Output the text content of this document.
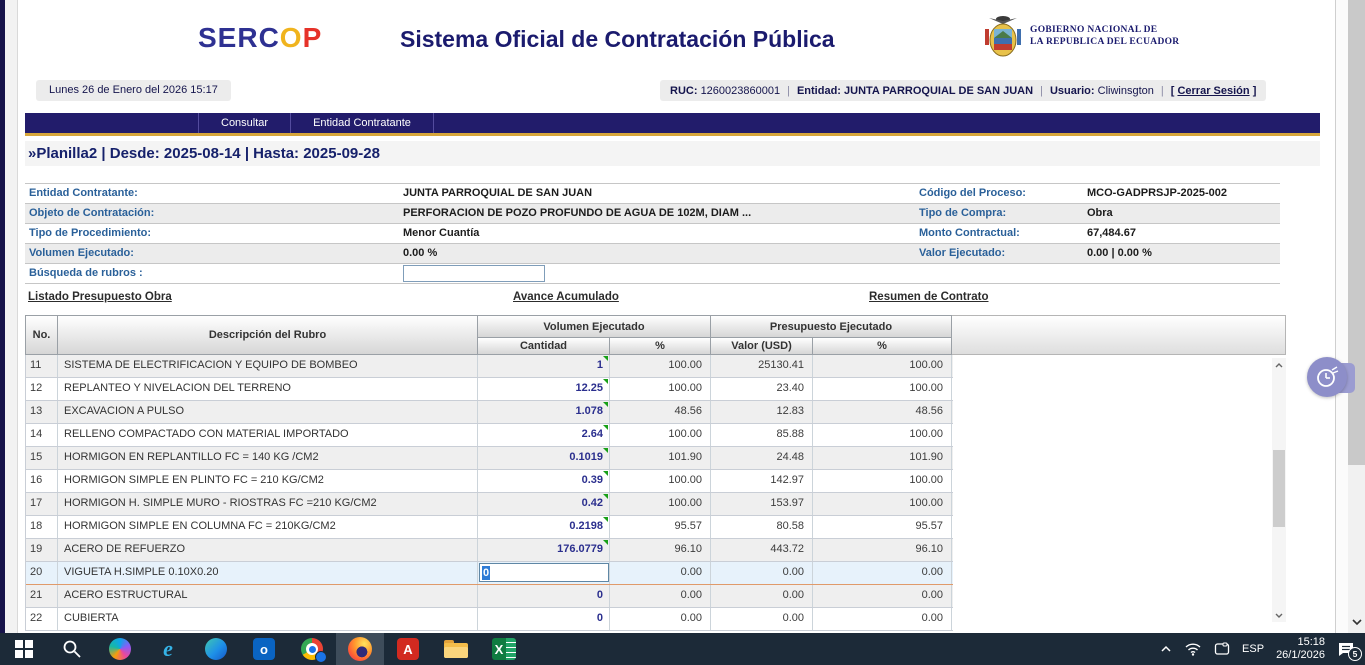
SERCOP	Sistema Oficial de Contratación Pública	GOBIERNO NACIONAL DE
LA REPUBLICA DEL ECUADOR
Lunes 26 de Enero del 2026 15:17	RUC: 1260023860001 | Entidad: JUNTA PARROQUIAL DE SAN JUAN | Usuario: Cliwinsgton | [ Cerrar Sesión ]
Consultar	Entidad Contratante
»Planilla2 | Desde: 2025-08-14 | Hasta: 2025-09-28
Entidad Contratante:	JUNTA PARROQUIAL DE SAN JUAN	Código del Proceso:	MCO-GADPRSJP-2025-002
Objeto de Contratación:	PERFORACION DE POZO PROFUNDO DE AGUA DE 102M, DIAM ...	Tipo de Compra:	Obra
Tipo de Procedimiento:	Menor Cuantía	Monto Contractual:	67,484.67
Volumen Ejecutado:	0.00 %	Valor Ejecutado:	0.00 | 0.00 %
Búsqueda de rubros :
Listado Presupuesto Obra	Avance Acumulado	Resumen de Contrato
No.	Descripción del Rubro
Volumen Ejecutado	Presupuesto Ejecutado
Cantidad	%	Valor (USD)	%
11	SISTEMA DE ELECTRIFICACION Y EQUIPO DE BOMBEO	1	100.00	25130.41	100.00
12	REPLANTEO Y NIVELACION DEL TERRENO	12.25	100.00	23.40	100.00
13	EXCAVACION A PULSO	1.078	48.56	12.83	48.56
14	RELLENO COMPACTADO CON MATERIAL IMPORTADO	2.64	100.00	85.88	100.00
15	HORMIGON EN REPLANTILLO FC = 140 KG /CM2	0.1019	101.90	24.48	101.90
16	HORMIGON SIMPLE EN PLINTO FC = 210 KG/CM2	0.39	100.00	142.97	100.00
17	HORMIGON H. SIMPLE MURO - RIOSTRAS FC =210 KG/CM2	0.42	100.00	153.97	100.00
18	HORMIGON SIMPLE EN COLUMNA FC = 210KG/CM2	0.2198	95.57	80.58	95.57
19	ACERO DE REFUERZO	176.0779	96.10	443.72	96.10
20	VIGUETA H.SIMPLE 0.10X0.20	0	0.00	0.00	0.00
21	ACERO ESTRUCTURAL	0	0.00	0.00	0.00
22	CUBIERTA	0	0.00	0.00	0.00
e	o	A	X	ESP
15:18
26/1/2026	5
